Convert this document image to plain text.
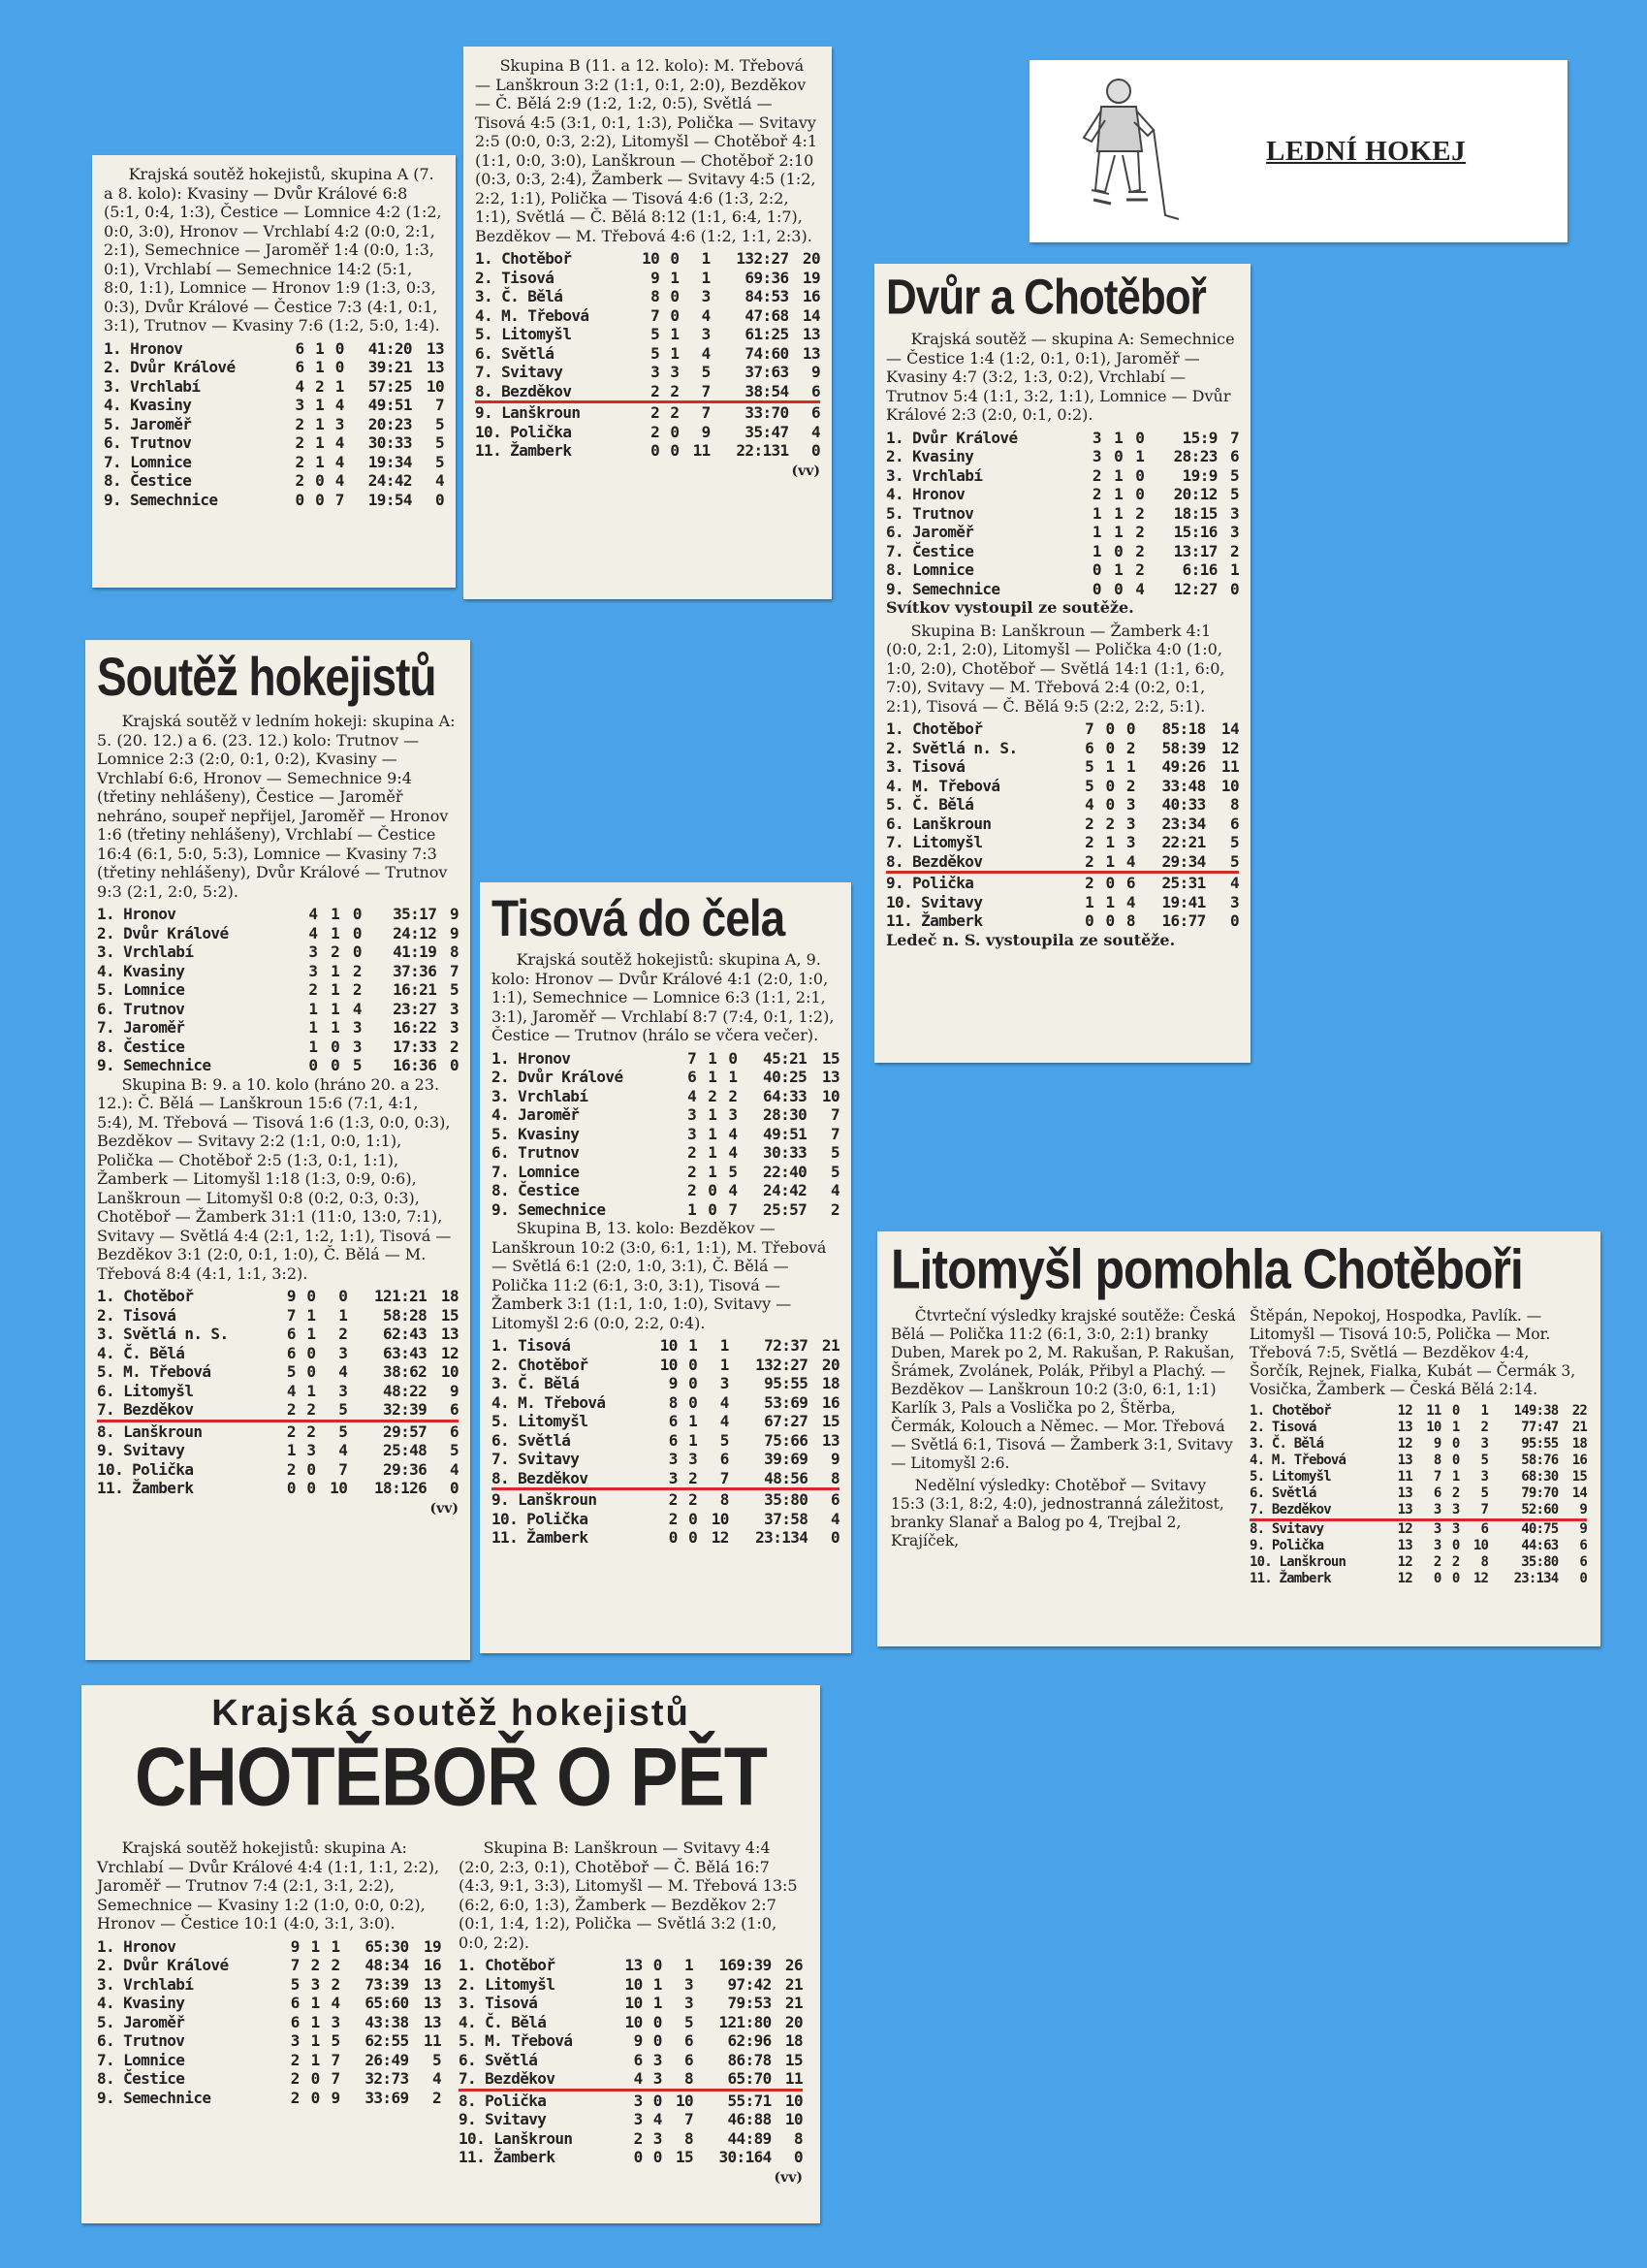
LEDNÍ HOKEJ

Krajská soutěž hokejistů, skupina A (7. a 8. kolo): Kvasiny — Dvůr Králové 6:8 (5:1, 0:4, 1:3), Čestice — Lomnice 4:2 (1:2, 0:0, 3:0), Hronov — Vrchlabí 4:2 (0:0, 2:1, 2:1), Semechnice — Jaroměř 1:4 (0:0, 1:3, 0:1), Vrchlabí — Semechnice 14:2 (5:1, 8:0, 1:1), Lomnice — Hronov 1:9 (1:3, 0:3, 0:3), Dvůr Králové — Čestice 7:3 (4:1, 0:1, 3:1), Trutnov — Kvasiny 7:6 (1:2, 5:0, 1:4).

1. Hronov	6	1	0	41:20	13
2. Dvůr Králové	6	1	0	39:21	13
3. Vrchlabí	4	2	1	57:25	10
4. Kvasiny	3	1	4	49:51	7
5. Jaroměř	2	1	3	20:23	5
6. Trutnov	2	1	4	30:33	5
7. Lomnice	2	1	4	19:34	5
8. Čestice	2	0	4	24:42	4
9. Semechnice	0	0	7	19:54	0

Skupina B (11. a 12. kolo): M. Třebová — Lanškroun 3:2 (1:1, 0:1, 2:0), Bezděkov — Č. Bělá 2:9 (1:2, 1:2, 0:5), Světlá — Tisová 4:5 (3:1, 0:1, 1:3), Polička — Svitavy 2:5 (0:0, 0:3, 2:2), Litomyšl — Chotěboř 4:1 (1:1, 0:0, 3:0), Lanškroun — Chotěboř 2:10 (0:3, 0:3, 2:4), Žamberk — Svitavy 4:5 (1:2, 2:2, 1:1), Polička — Tisová 4:6 (1:3, 2:2, 1:1), Světlá — Č. Bělá 8:12 (1:1, 6:4, 1:7), Bezděkov — M. Třebová 4:6 (1:2, 1:1, 2:3).

1. Chotěboř	10	0	1	132:27	20
2. Tisová	9	1	1	69:36	19
3. Č. Bělá	8	0	3	84:53	16
4. M. Třebová	7	0	4	47:68	14
5. Litomyšl	5	1	3	61:25	13
6. Světlá	5	1	4	74:60	13
7. Svitavy	3	3	5	37:63	9
8. Bezděkov	2	2	7	38:54	6
9. Lanškroun	2	2	7	33:70	6
10. Polička	2	0	9	35:47	4
11. Žamberk	0	0	11	22:131	0
(vv)
Dvůr a Chotěboř

Krajská soutěž — skupina A: Semechnice — Čestice 1:4 (1:2, 0:1, 0:1), Jaroměř — Kvasiny 4:7 (3:2, 1:3, 0:2), Vrchlabí — Trutnov 5:4 (1:1, 3:2, 1:1), Lomnice — Dvůr Králové 2:3 (2:0, 0:1, 0:2).

1. Dvůr Králové	3	1	0	15:9	7
2. Kvasiny	3	0	1	28:23	6
3. Vrchlabí	2	1	0	19:9	5
4. Hronov	2	1	0	20:12	5
5. Trutnov	1	1	2	18:15	3
6. Jaroměř	1	1	2	15:16	3
7. Čestice	1	0	2	13:17	2
8. Lomnice	0	1	2	6:16	1
9. Semechnice	0	0	4	12:27	0

Svítkov vystoupil ze soutěže.

Skupina B: Lanškroun — Žamberk 4:1 (0:0, 2:1, 2:0), Litomyšl — Polička 4:0 (1:0, 1:0, 2:0), Chotěboř — Světlá 14:1 (1:1, 6:0, 7:0), Svitavy — M. Třebová 2:4 (0:2, 0:1, 2:1), Tisová — Č. Bělá 9:5 (2:2, 2:2, 5:1).

1. Chotěboř	7	0	0	85:18	14
2. Světlá n. S.	6	0	2	58:39	12
3. Tisová	5	1	1	49:26	11
4. M. Třebová	5	0	2	33:48	10
5. Č. Bělá	4	0	3	40:33	8
6. Lanškroun	2	2	3	23:34	6
7. Litomyšl	2	1	3	22:21	5
8. Bezděkov	2	1	4	29:34	5
9. Polička	2	0	6	25:31	4
10. Svitavy	1	1	4	19:41	3
11. Žamberk	0	0	8	16:77	0

Ledeč n. S. vystoupila ze soutěže.

Soutěž hokejistů

Krajská soutěž v ledním hokeji: skupina A: 5. (20. 12.) a 6. (23. 12.) kolo: Trutnov — Lomnice 2:3 (2:0, 0:1, 0:2), Kvasiny — Vrchlabí 6:6, Hronov — Semechnice 9:4 (třetiny nehlášeny), Čestice — Jaroměř nehráno, soupeř nepřijel, Jaroměř — Hronov 1:6 (třetiny nehlášeny), Vrchlabí — Čestice 16:4 (6:1, 5:0, 5:3), Lomnice — Kvasiny 7:3 (třetiny nehlášeny), Dvůr Králové — Trutnov 9:3 (2:1, 2:0, 5:2).

1. Hronov	4	1	0	35:17	9
2. Dvůr Králové	4	1	0	24:12	9
3. Vrchlabí	3	2	0	41:19	8
4. Kvasiny	3	1	2	37:36	7
5. Lomnice	2	1	2	16:21	5
6. Trutnov	1	1	4	23:27	3
7. Jaroměř	1	1	3	16:22	3
8. Čestice	1	0	3	17:33	2
9. Semechnice	0	0	5	16:36	0

Skupina B: 9. a 10. kolo (hráno 20. a 23. 12.): Č. Bělá — Lanškroun 15:6 (7:1, 4:1, 5:4), M. Třebová — Tisová 1:6 (1:3, 0:0, 0:3), Bezděkov — Svitavy 2:2 (1:1, 0:0, 1:1), Polička — Chotěboř 2:5 (1:3, 0:1, 1:1), Žamberk — Litomyšl 1:18 (1:3, 0:9, 0:6), Lanškroun — Litomyšl 0:8 (0:2, 0:3, 0:3), Chotěboř — Žamberk 31:1 (11:0, 13:0, 7:1), Svitavy — Světlá 4:4 (2:1, 1:2, 1:1), Tisová — Bezděkov 3:1 (2:0, 0:1, 1:0), Č. Bělá — M. Třebová 8:4 (4:1, 1:1, 3:2).

1. Chotěboř	9	0	0	121:21	18
2. Tisová	7	1	1	58:28	15
3. Světlá n. S.	6	1	2	62:43	13
4. Č. Bělá	6	0	3	63:43	12
5. M. Třebová	5	0	4	38:62	10
6. Litomyšl	4	1	3	48:22	9
7. Bezděkov	2	2	5	32:39	6
8. Lanškroun	2	2	5	29:57	6
9. Svitavy	1	3	4	25:48	5
10. Polička	2	0	7	29:36	4
11. Žamberk	0	0	10	18:126	0
(vv)
Tisová do čela

Krajská soutěž hokejistů: skupina A, 9. kolo: Hronov — Dvůr Králové 4:1 (2:0, 1:0, 1:1), Semechnice — Lomnice 6:3 (1:1, 2:1, 3:1), Jaroměř — Vrchlabí 8:7 (7:4, 0:1, 1:2), Čestice — Trutnov (hrálo se včera večer).

1. Hronov	7	1	0	45:21	15
2. Dvůr Králové	6	1	1	40:25	13
3. Vrchlabí	4	2	2	64:33	10
4. Jaroměř	3	1	3	28:30	7
5. Kvasiny	3	1	4	49:51	7
6. Trutnov	2	1	4	30:33	5
7. Lomnice	2	1	5	22:40	5
8. Čestice	2	0	4	24:42	4
9. Semechnice	1	0	7	25:57	2

Skupina B, 13. kolo: Bezděkov — Lanškroun 10:2 (3:0, 6:1, 1:1), M. Třebová — Světlá 6:1 (2:0, 1:0, 3:1), Č. Bělá — Polička 11:2 (6:1, 3:0, 3:1), Tisová — Žamberk 3:1 (1:1, 1:0, 1:0), Svitavy — Litomyšl 2:6 (0:0, 2:2, 0:4).

1. Tisová	10	1	1	72:37	21
2. Chotěboř	10	0	1	132:27	20
3. Č. Bělá	9	0	3	95:55	18
4. M. Třebová	8	0	4	53:69	16
5. Litomyšl	6	1	4	67:27	15
6. Světlá	6	1	5	75:66	13
7. Svitavy	3	3	6	39:69	9
8. Bezděkov	3	2	7	48:56	8
9. Lanškroun	2	2	8	35:80	6
10. Polička	2	0	10	37:58	4
11. Žamberk	0	0	12	23:134	0
Litomyšl pomohla Chotěboři

Čtvrteční výsledky krajské soutěže: Česká Bělá — Polička 11:2 (6:1, 3:0, 2:1) branky Duben, Marek po 2, M. Rakušan, P. Rakušan, Šrámek, Zvolánek, Polák, Přibyl a Plachý. — Bezděkov — Lanškroun 10:2 (3:0, 6:1, 1:1) Karlík 3, Pals a Voslička po 2, Štěrba, Čermák, Kolouch a Němec. — Mor. Třebová — Světlá 6:1, Tisová — Žamberk 3:1, Svitavy — Litomyšl 2:6.

Nedělní výsledky: Chotěboř — Svitavy 15:3 (3:1, 8:2, 4:0), jednostranná záležitost, branky Slanař a Balog po 4, Trejbal 2, Krajíček,

Štěpán, Nepokoj, Hospodka, Pavlík. — Litomyšl — Tisová 10:5, Polička — Mor. Třebová 7:5, Světlá — Bezděkov 4:4, Šorčík, Rejnek, Fialka, Kubát — Čermák 3, Vosička, Žamberk — Česká Bělá 2:14.

1. Chotěboř	12	11	0	1	149:38	22
2. Tisová	13	10	1	2	77:47	21
3. Č. Bělá	12	9	0	3	95:55	18
4. M. Třebová	13	8	0	5	58:76	16
5. Litomyšl	11	7	1	3	68:30	15
6. Světlá	13	6	2	5	79:70	14
7. Bezděkov	13	3	3	7	52:60	9
8. Svitavy	12	3	3	6	40:75	9
9. Polička	13	3	0	10	44:63	6
10. Lanškroun	12	2	2	8	35:80	6
11. Žamberk	12	0	0	12	23:134	0
Krajská soutěž hokejistů
CHOTĚBOŘ O PĚT

Krajská soutěž hokejistů: skupina A: Vrchlabí — Dvůr Králové 4:4 (1:1, 1:1, 2:2), Jaroměř — Trutnov 7:4 (2:1, 3:1, 2:2), Semechnice — Kvasiny 1:2 (1:0, 0:0, 0:2), Hronov — Čestice 10:1 (4:0, 3:1, 3:0).

1. Hronov	9	1	1	65:30	19
2. Dvůr Králové	7	2	2	48:34	16
3. Vrchlabí	5	3	2	73:39	13
4. Kvasiny	6	1	4	65:60	13
5. Jaroměř	6	1	3	43:38	13
6. Trutnov	3	1	5	62:55	11
7. Lomnice	2	1	7	26:49	5
8. Čestice	2	0	7	32:73	4
9. Semechnice	2	0	9	33:69	2

Skupina B: Lanškroun — Svitavy 4:4 (2:0, 2:3, 0:1), Chotěboř — Č. Bělá 16:7 (4:3, 9:1, 3:3), Litomyšl — M. Třebová 13:5 (6:2, 6:0, 1:3), Žamberk — Bezděkov 2:7 (0:1, 1:4, 1:2), Polička — Světlá 3:2 (1:0, 0:0, 2:2).

1. Chotěboř	13	0	1	169:39	26
2. Litomyšl	10	1	3	97:42	21
3. Tisová	10	1	3	79:53	21
4. Č. Bělá	10	0	5	121:80	20
5. M. Třebová	9	0	6	62:96	18
6. Světlá	6	3	6	86:78	15
7. Bezděkov	4	3	8	65:70	11
8. Polička	3	0	10	55:71	10
9. Svitavy	3	4	7	46:88	10
10. Lanškroun	2	3	8	44:89	8
11. Žamberk	0	0	15	30:164	0
(vv)
